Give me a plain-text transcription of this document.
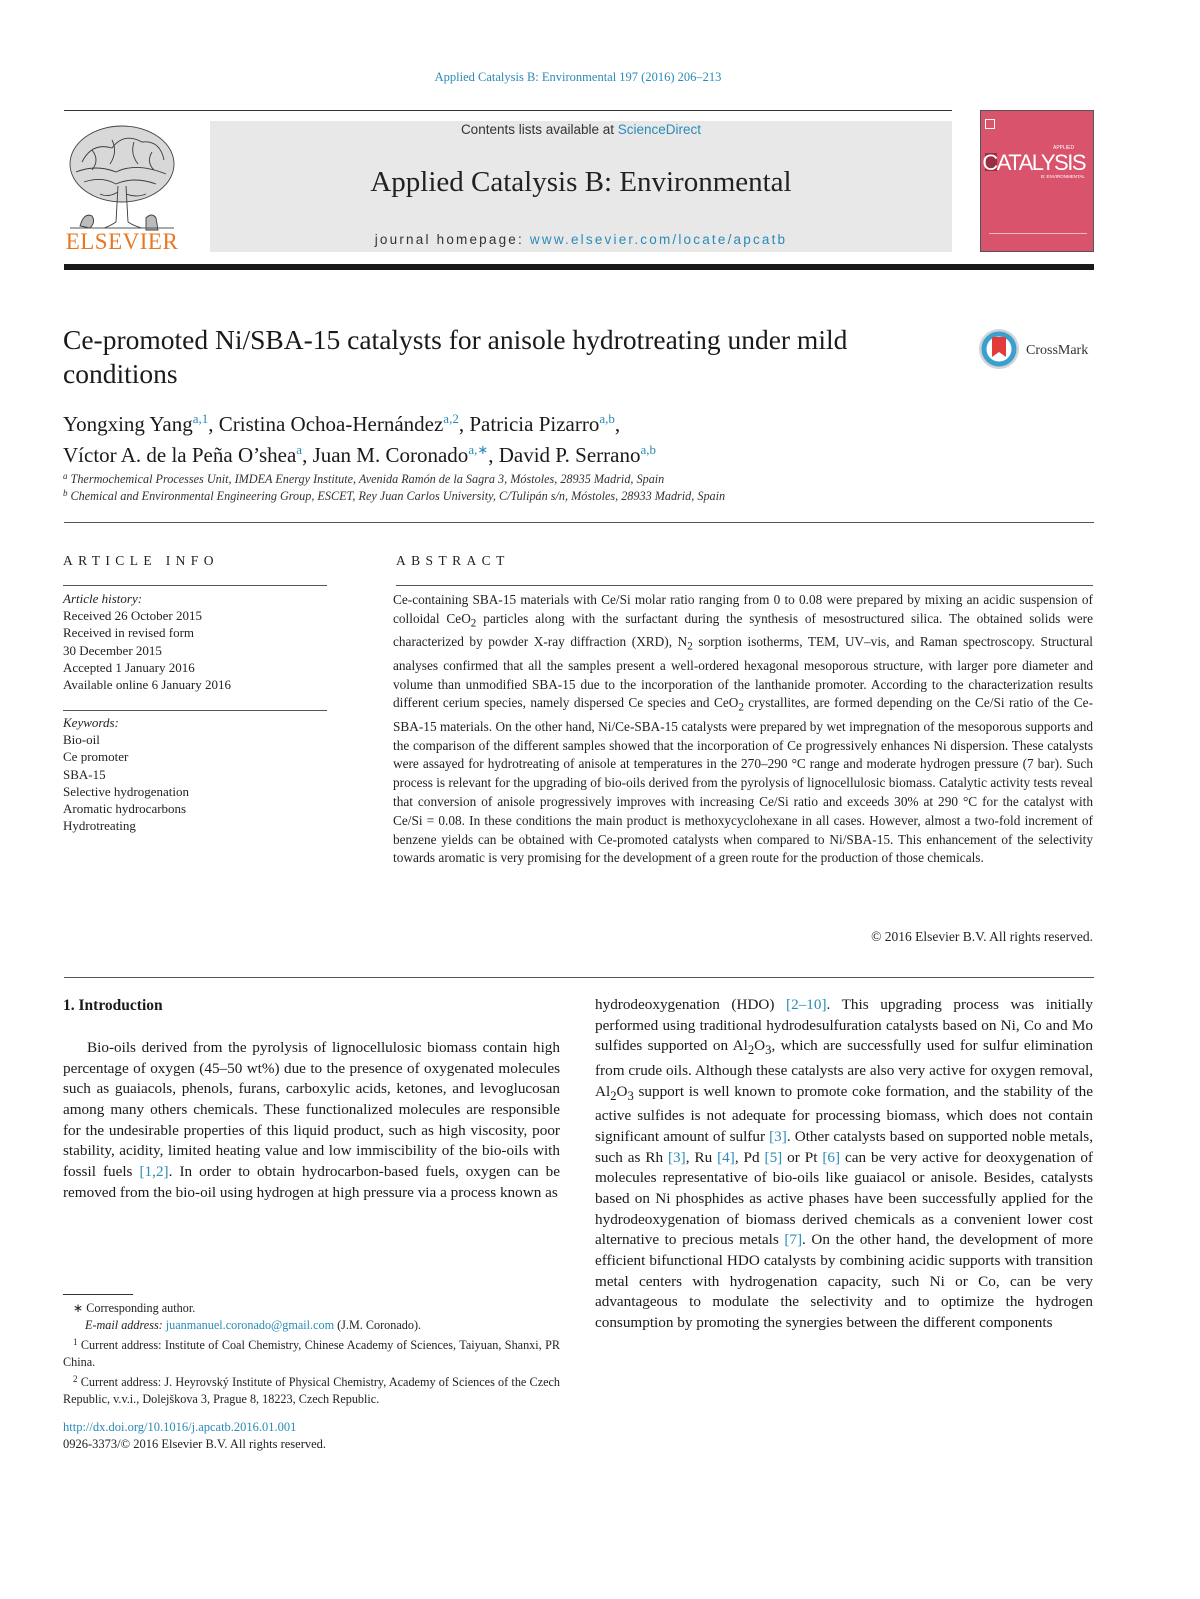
Applied Catalysis B: Environmental 197 (2016) 206–213
ELSEVIER
Contents lists available at ScienceDirect
Applied Catalysis B: Environmental
journal homepage: www.elsevier.com/locate/apcatb
APPLIED
CATALYSIS
B: ENVIRONMENTAL
Ce-promoted Ni/SBA-15 catalysts for anisole hydrotreating under mild conditions
CrossMark
Yongxing Yang$^{a,1}$, Cristina Ochoa-Hernández$^{a,2}$, Patricia Pizarro$^{a,b}$,
Víctor A. de la Peña O’shea$^a$, Juan M. Coronado$^{a,∗}$, David P. Serrano$^{a,b}$
$^a$ Thermochemical Processes Unit, IMDEA Energy Institute, Avenida Ramón de la Sagra 3, Móstoles, 28935 Madrid, Spain
$^b$ Chemical and Environmental Engineering Group, ESCET, Rey Juan Carlos University, C/Tulipán s/n, Móstoles, 28933 Madrid, Spain
ARTICLE INFO
Article history:
Received 26 October 2015
Received in revised form
30 December 2015
Accepted 1 January 2016
Available online 6 January 2016
Keywords:
Bio-oil
Ce promoter
SBA-15
Selective hydrogenation
Aromatic hydrocarbons
Hydrotreating
ABSTRACT
Ce-containing SBA-15 materials with Ce/Si molar ratio ranging from 0 to 0.08 were prepared by mixing an acidic suspension of colloidal CeO$_2$ particles along with the surfactant during the synthesis of mesostructured silica. The obtained solids were characterized by powder X-ray diffraction (XRD), $N_2$ sorption isotherms, TEM, UV–vis, and Raman spectroscopy. Structural analyses confirmed that all the samples present a well-ordered hexagonal mesoporous structure, with larger pore diameter and volume than unmodified SBA-15 due to the incorporation of the lanthanide promoter. According to the characterization results different cerium species, namely dispersed Ce species and CeO$_2$ crystallites, are formed depending on the Ce/Si ratio of the Ce-SBA-15 materials. On the other hand, Ni/Ce-SBA-15 catalysts were prepared by wet impregnation of the mesoporous supports and the comparison of the different samples showed that the incorporation of Ce progressively enhances Ni dispersion. These catalysts were assayed for hydrotreating of anisole at temperatures in the 270–290 °C range and moderate hydrogen pressure (7 bar). Such process is relevant for the upgrading of bio-oils derived from the pyrolysis of lignocellulosic biomass. Catalytic activity tests reveal that conversion of anisole progressively improves with increasing Ce/Si ratio and exceeds 30% at 290 °C for the catalyst with Ce/Si = 0.08. In these conditions the main product is methoxycyclohexane in all cases. However, almost a two-fold increment of benzene yields can be obtained with Ce-promoted catalysts when compared to Ni/SBA-15. This enhancement of the selectivity towards aromatic is very promising for the development of a green route for the production of those chemicals.
© 2016 Elsevier B.V. All rights reserved.
1. Introduction
Bio-oils derived from the pyrolysis of lignocellulosic biomass contain high percentage of oxygen (45–50 wt%) due to the presence of oxygenated molecules such as guaiacols, phenols, furans, carboxylic acids, ketones, and levoglucosan among many others chemicals. These functionalized molecules are responsible for the undesirable properties of this liquid product, such as high viscosity, poor stability, acidity, limited heating value and low immiscibility of the bio-oils with fossil fuels [1,2]. In order to obtain hydrocarbon-based fuels, oxygen can be removed from the bio-oil using hydrogen at high pressure via a process known as
hydrodeoxygenation (HDO) [2–10]. This upgrading process was initially performed using traditional hydrodesulfuration catalysts based on Ni, Co and Mo sulfides supported on $Al_2O_3$, which are successfully used for sulfur elimination from crude oils. Although these catalysts are also very active for oxygen removal, $Al_2O_3$ support is well known to promote coke formation, and the stability of the active sulfides is not adequate for processing biomass, which does not contain significant amount of sulfur [3]. Other catalysts based on supported noble metals, such as Rh [3], Ru [4], Pd [5] or Pt [6] can be very active for deoxygenation of molecules representative of bio-oils like guaiacol or anisole. Besides, catalysts based on Ni phosphides as active phases have been successfully applied for the hydrodeoxygenation of biomass derived chemicals as a convenient lower cost alternative to precious metals [7]. On the other hand, the development of more efficient bifunctional HDO catalysts by combining acidic supports with transition metal centers with hydrogenation capacity, such Ni or Co, can be very advantageous to modulate the selectivity and to optimize the hydrogen consumption by promoting the synergies between the different components
∗ Corresponding author.
E-mail address: juanmanuel.coronado@gmail.com (J.M. Coronado).
$^1$ Current address: Institute of Coal Chemistry, Chinese Academy of Sciences, Taiyuan, Shanxi, PR China.
$^2$ Current address: J. Heyrovský Institute of Physical Chemistry, Academy of Sciences of the Czech Republic, v.v.i., Dolejškova 3, Prague 8, 18223, Czech Republic.
http://dx.doi.org/10.1016/j.apcatb.2016.01.001
0926-3373/© 2016 Elsevier B.V. All rights reserved.
